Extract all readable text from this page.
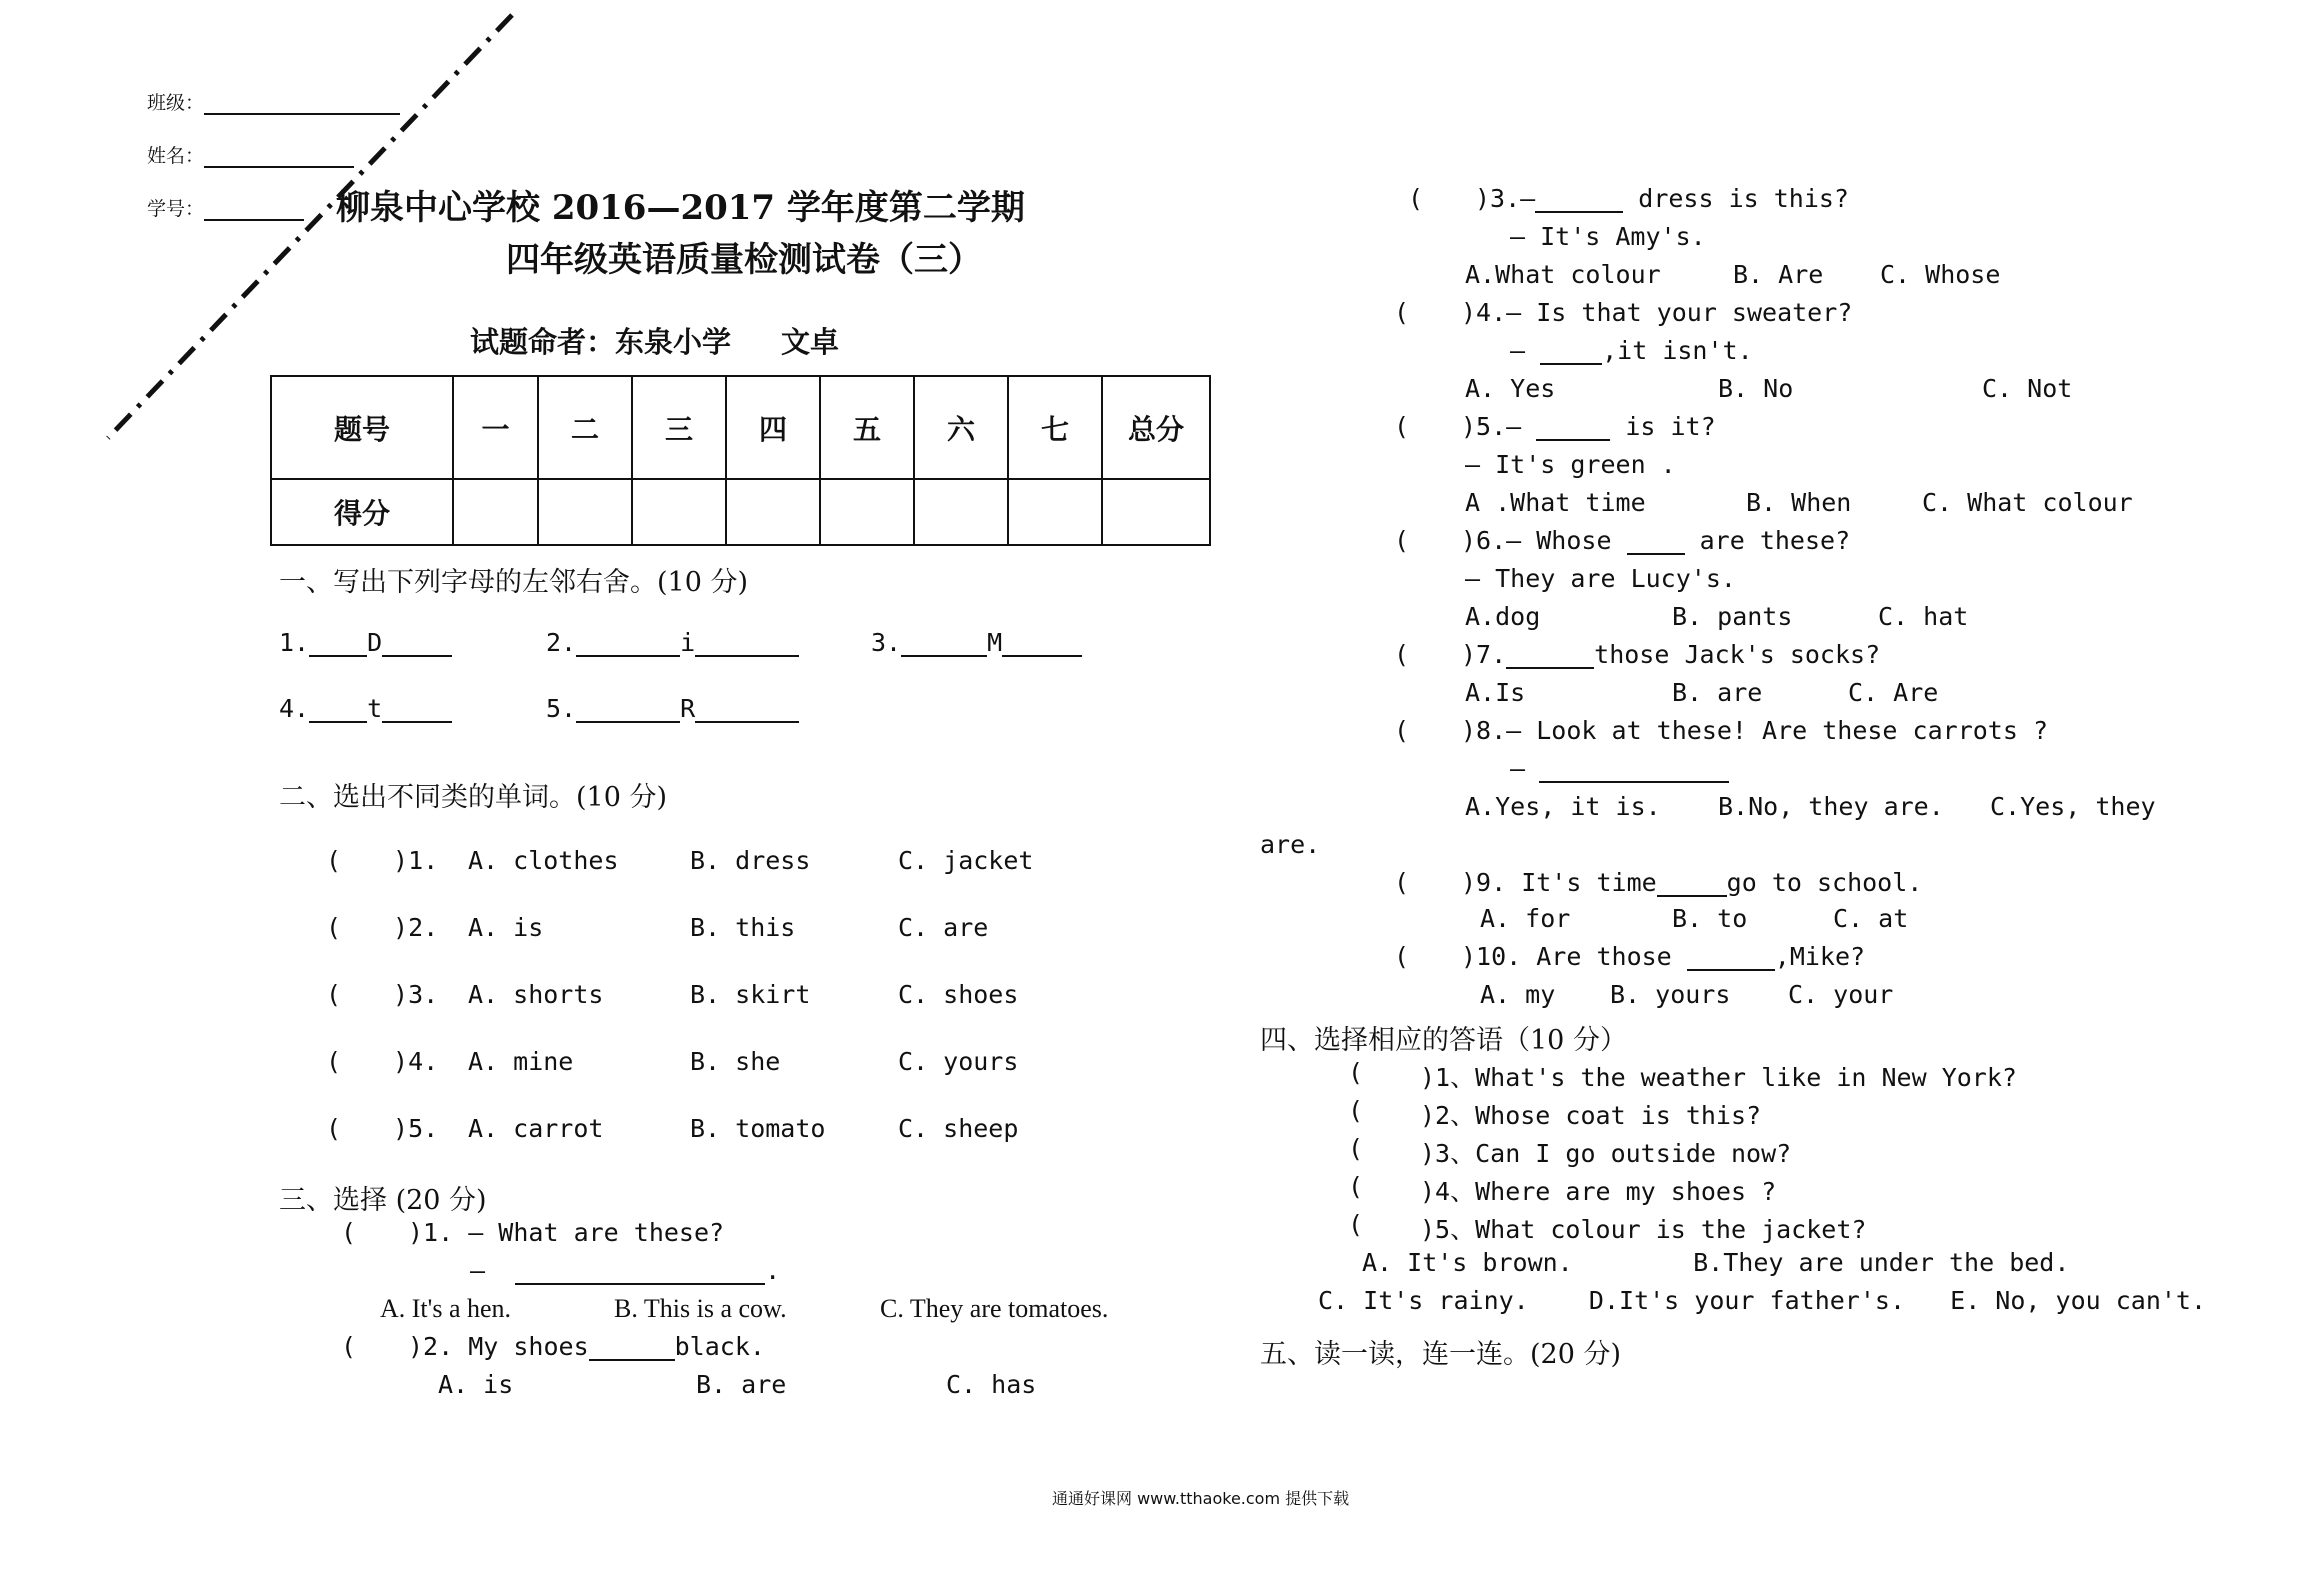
班级：
姓名：
学号：	柳泉中心学校 2016—2017 学年度第二学期
四年级英语质量检测试卷（三）
试题命者：东泉小学 文卓
题号	一	二	三	四	五	六	七	总分
得分								
一、写出下列字母的左邻右舍。(10 分)
1. D	2.	i	3.	M
4. t	5.	R
二、选出不同类的单词。(10 分)
( )1. A. clothes	B. dress	C. jacket
( )2. A. is	B. this	C. are
( )3. A. shorts	B. skirt	C. shoes
( )4. A. mine	B. she	C. yours
( )5. A. carrot	B. tomato	C. sheep
三、选择 (20 分)
( )1. – What are these?
–	.
A. It's a hen.	B. This is a cow.	C. They are tomatoes.
( )2. My shoes	black.
A. is	B. are	C. has
( )3.–	dress is this?
– It's Amy's.
A.What colour	B. Are C. Whose
( )4.– Is that your sweater?
– ,it isn't.
A. Yes	B. No	C. Not
( )5.–	is it?
– It's green .
A .What time	B. When	C. What colour
( )6.– Whose  are these?
– They are Lucy's.
A.dog	B. pants	C. hat
( )7.	those Jack's socks?
A.Is	B. are	C. Are
( )8.– Look at these! Are these carrots ?
–
A.Yes, it is. B.No, they are. C.Yes, they
are.
( )9. It's time	go to school.
A. for	B. to	C. at
( )10. Are those	,Mike?
A. my B. yours C. your
四、选择相应的答语（10 分）
( )1、What's the weather like in New York?
( )2、Whose coat is this?
( )3、Can I go outside now?
( )4、Where are my shoes ?
( )5、What colour is the jacket?
A. It's brown.        B.They are under the bed.
C. It's rainy.    D.It's your father's.   E. No, you can't.
五、读一读，连一连。(20 分)
通通好课网 www.tthaoke.com 提供下载
